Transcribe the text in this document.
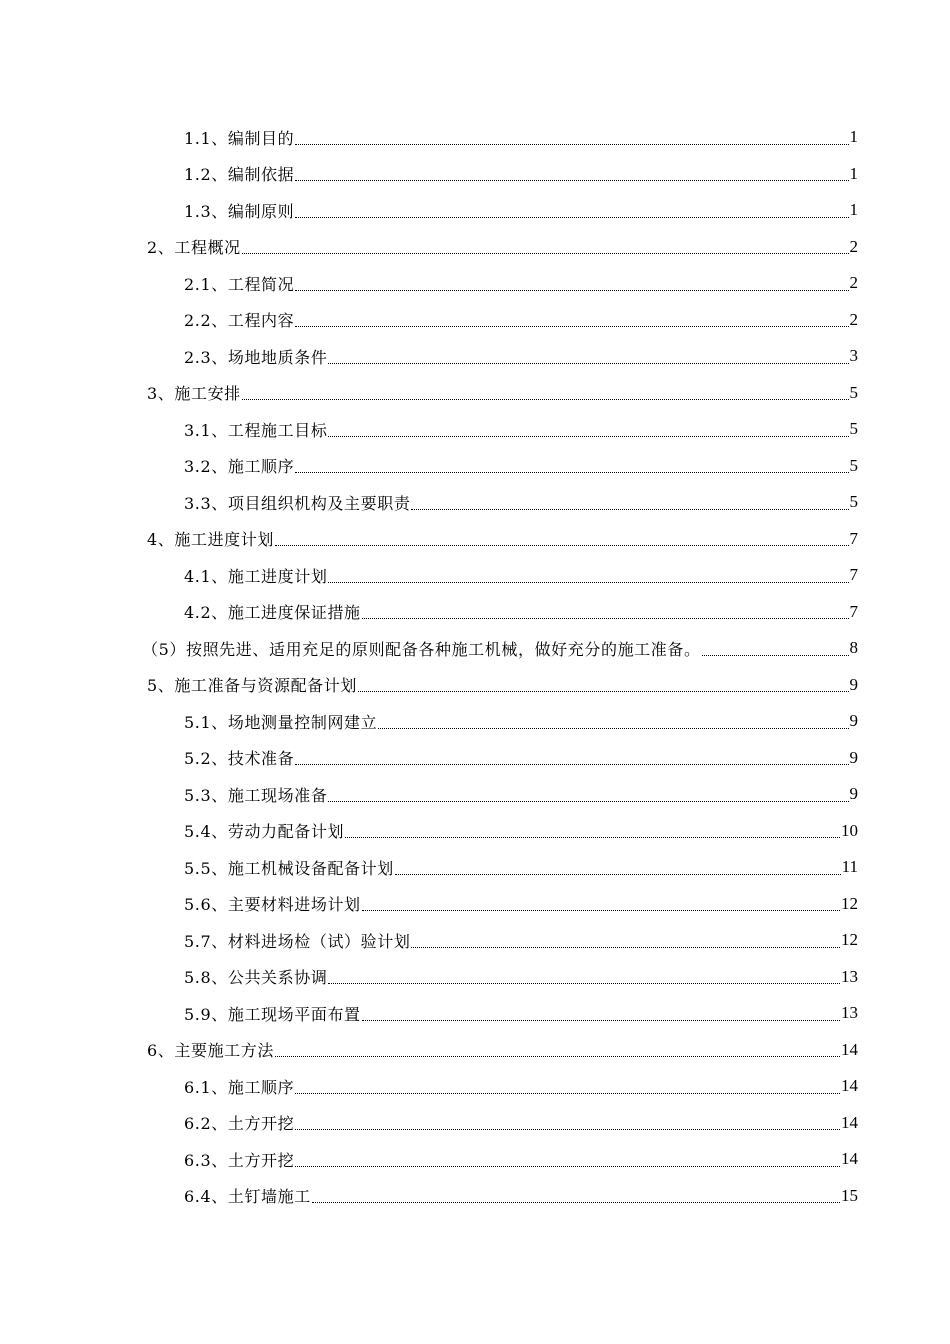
1.1、编制目的	1
1.2、编制依据	1
1.3、编制原则	1
2、工程概况	2
2.1、工程简况	2
2.2、工程内容	2
2.3、场地地质条件	3
3、施工安排	5
3.1、工程施工目标	5
3.2、施工顺序	5
3.3、项目组织机构及主要职责	5
4、施工进度计划	7
4.1、施工进度计划	7
4.2、施工进度保证措施	7
（5）按照先进、适用充足的原则配备各种施工机械，做好充分的施工准备。	8
5、施工准备与资源配备计划	9
5.1、场地测量控制网建立	9
5.2、技术准备	9
5.3、施工现场准备	9
5.4、劳动力配备计划	10
5.5、施工机械设备配备计划	11
5.6、主要材料进场计划	12
5.7、材料进场检（试）验计划	12
5.8、公共关系协调	13
5.9、施工现场平面布置	13
6、主要施工方法	14
6.1、施工顺序	14
6.2、土方开挖	14
6.3、土方开挖	14
6.4、土钉墙施工	15
